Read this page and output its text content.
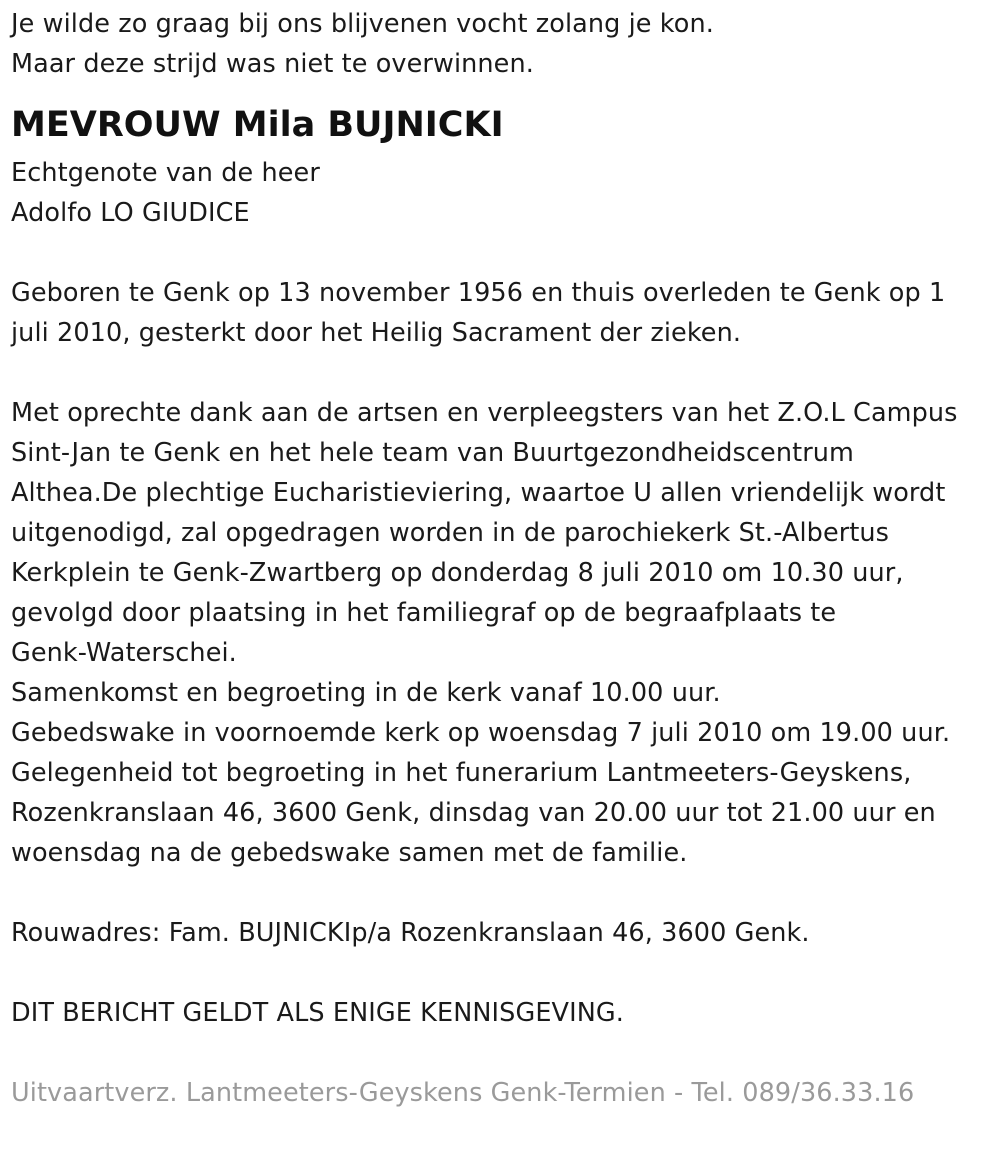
Je wilde zo graag bij ons blijvenen vocht zolang je kon.
Maar deze strijd was niet te overwinnen.
MEVROUW Mila BUJNICKI
Echtgenote van de heer
Adolfo LO GIUDICE
Geboren te Genk op 13 november 1956 en thuis overleden te Genk op 1
juli 2010, gesterkt door het Heilig Sacrament der zieken.
Met oprechte dank aan de artsen en verpleegsters van het Z.O.L Campus
Sint-Jan te Genk en het hele team van Buurtgezondheidscentrum
Althea.De plechtige Eucharistieviering, waartoe U allen vriendelijk wordt
uitgenodigd, zal opgedragen worden in de parochiekerk St.-Albertus
Kerkplein te Genk-Zwartberg op donderdag 8 juli 2010 om 10.30 uur,
gevolgd door plaatsing in het familiegraf op de begraafplaats te
Genk-Waterschei.
Samenkomst en begroeting in de kerk vanaf 10.00 uur.
Gebedswake in voornoemde kerk op woensdag 7 juli 2010 om 19.00 uur.
Gelegenheid tot begroeting in het funerarium Lantmeeters-Geyskens,
Rozenkranslaan 46, 3600 Genk, dinsdag van 20.00 uur tot 21.00 uur en
woensdag na de gebedswake samen met de familie.
Rouwadres: Fam. BUJNICKIp/a Rozenkranslaan 46, 3600 Genk.
DIT BERICHT GELDT ALS ENIGE KENNISGEVING.
Uitvaartverz. Lantmeeters-Geyskens Genk-Termien - Tel. 089/36.33.16
